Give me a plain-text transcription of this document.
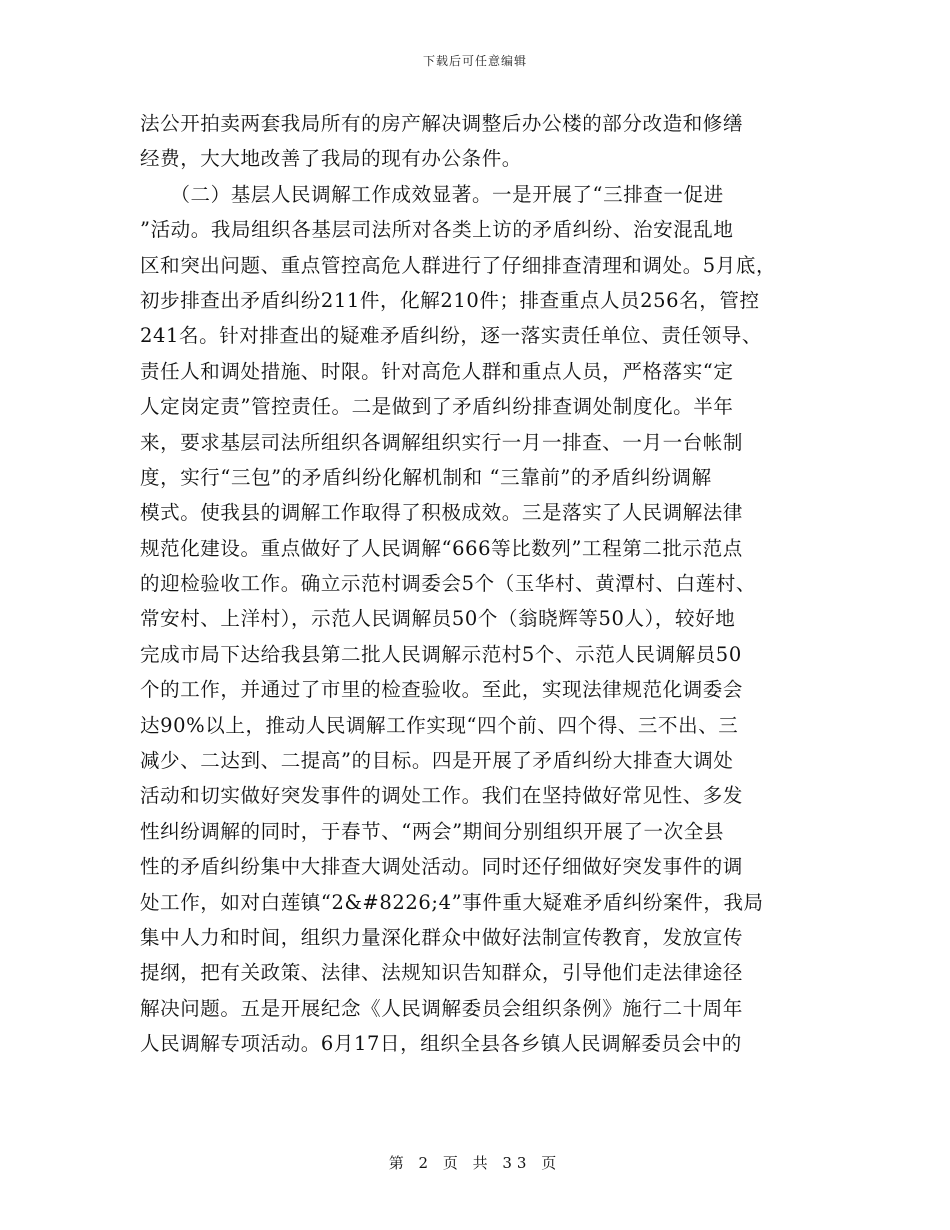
下载后可任意编辑
法公开拍卖两套我局所有的房产解决调整后办公楼的部分改造和修缮
经费，大大地改善了我局的现有办公条件。
　　（二）基层人民调解工作成效显著。一是开展了“三排查一促进
”活动。我局组织各基层司法所对各类上访的矛盾纠纷、治安混乱地
区和突出问题、重点管控高危人群进行了仔细排查清理和调处。5月底，
初步排查出矛盾纠纷211件，化解210件；排查重点人员256名，管控
241名。针对排查出的疑难矛盾纠纷，逐一落实责任单位、责任领导、
责任人和调处措施、时限。针对高危人群和重点人员，严格落实“定
人定岗定责”管控责任。二是做到了矛盾纠纷排查调处制度化。半年
来，要求基层司法所组织各调解组织实行一月一排查、一月一台帐制
度，实行“三包”的矛盾纠纷化解机制和 “三靠前”的矛盾纠纷调解
模式。使我县的调解工作取得了积极成效。三是落实了人民调解法律
规范化建设。重点做好了人民调解“666等比数列”工程第二批示范点
的迎检验收工作。确立示范村调委会5个（玉华村、黄潭村、白莲村、
常安村、上洋村），示范人民调解员50个（翁晓辉等50人），较好地
完成市局下达给我县第二批人民调解示范村5个、示范人民调解员50
个的工作，并通过了市里的检查验收。至此，实现法律规范化调委会
达90%以上，推动人民调解工作实现“四个前、四个得、三不出、三
减少、二达到、二提高”的目标。四是开展了矛盾纠纷大排查大调处
活动和切实做好突发事件的调处工作。我们在坚持做好常见性、多发
性纠纷调解的同时，于春节、“两会”期间分别组织开展了一次全县
性的矛盾纠纷集中大排查大调处活动。同时还仔细做好突发事件的调
处工作，如对白莲镇“2&#8226;4”事件重大疑难矛盾纠纷案件，我局
集中人力和时间，组织力量深化群众中做好法制宣传教育，发放宣传
提纲，把有关政策、法律、法规知识告知群众，引导他们走法律途径
解决问题。五是开展纪念《人民调解委员会组织条例》施行二十周年
人民调解专项活动。6月17日，组织全县各乡镇人民调解委员会中的
第 2 页 共 33 页
